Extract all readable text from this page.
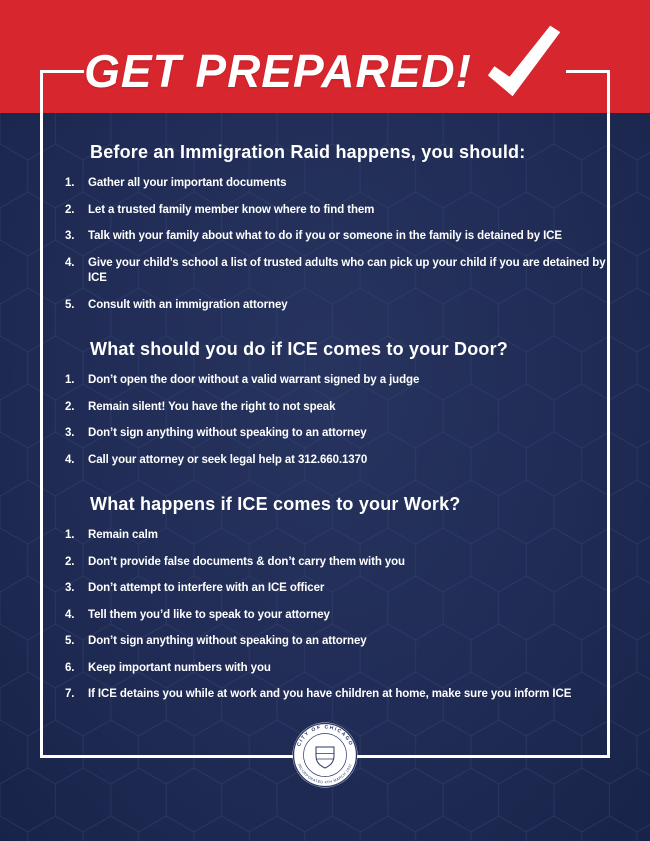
GET PREPARED!
Before an Immigration Raid happens, you should:
Gather all your important documents
Let a trusted family member know where to find them
Talk with your family about what to do if you or someone in the family is detained by ICE
Give your child’s school a list of trusted adults who can pick up your child if you are detained by ICE
Consult with an immigration attorney
What should you do if ICE comes to your Door?
Don’t open the door without a valid warrant signed by a judge
Remain silent! You have the right to not speak
Don’t sign anything without speaking to an attorney
Call your attorney or seek legal help at 312.660.1370
What happens if ICE comes to your Work?
Remain calm
Don’t provide false documents & don’t carry them with you
Don’t attempt to interfere with an ICE officer
Tell them you’d like to speak to your attorney
Don’t sign anything without speaking to an attorney
Keep important numbers with you
If ICE detains you while at work and you have children at home, make sure you inform ICE
CITY OF CHICAGO
INCORPORATED 4TH MARCH 1837
